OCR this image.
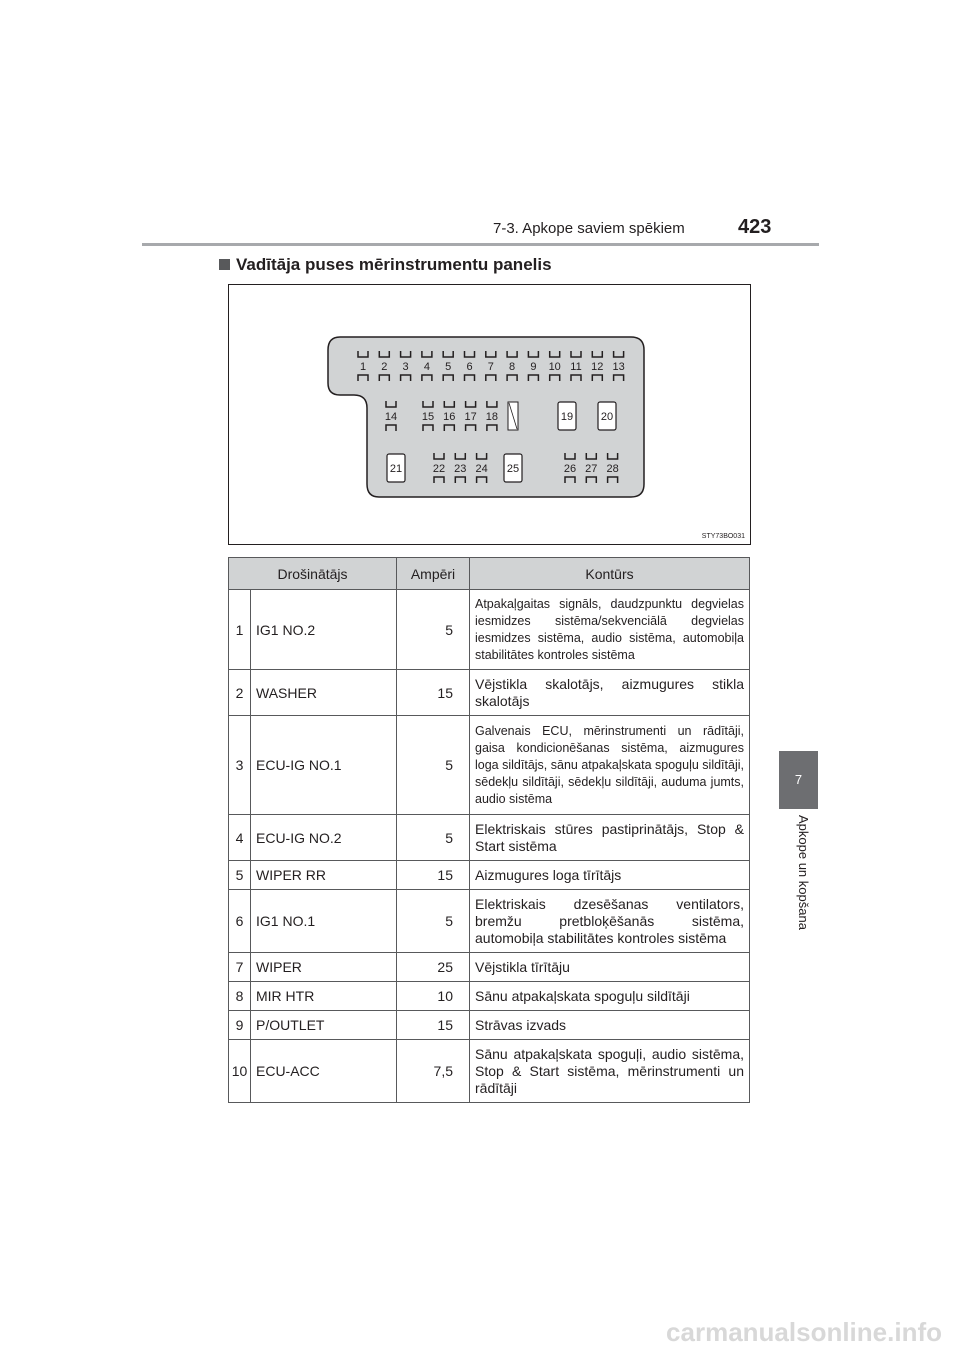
7-3. Apkope saviem spēkiem	423
Vadītāja puses mērinstrumentu panelis
7
Apkope un kopšana
1 2 3 4 5 6 7 8 9 10 11 12 13
14 15 16 17 18	19	20
21	22 23 24 25	26 27 28
STY73BO031
Drošinātājs		Ampēri	Kontūrs
1	IG1 NO.2	5	Atpakaļgaitas signāls, daudzpunktu degvielas iesmidzes sistēma/sekvenciālā degvielas iesmidzes sistēma, audio sistēma, automobiļa stabilitātes kontroles sistēma
2	WASHER	15	Vējstikla skalotājs, aizmugures stikla skalotājs
3	ECU-IG NO.1	5	Galvenais ECU, mērinstrumenti un rādītāji, gaisa kondicionēšanas sistēma, aizmugures loga sildītājs, sānu atpakaļskata spoguļu sildītāji, sēdekļu sildītāji, sēdekļu sildītāji, auduma jumts, audio sistēma
4	ECU-IG NO.2	5	Elektriskais stūres pastiprinātājs, Stop & Start sistēma
5	WIPER RR	15	Aizmugures loga tīrītājs
6	IG1 NO.1	5	Elektriskais dzesēšanas ventilators, bremžu pretbloķēšanās sistēma, automobiļa stabilitātes kontroles sistēma
7	WIPER	25	Vējstikla tīrītāju
8	MIR HTR	10	Sānu atpakaļskata spoguļu sildītāji
9	P/OUTLET	15	Strāvas izvads
10	ECU-ACC	7,5	Sānu atpakaļskata spoguļi, audio sistēma, Stop & Start sistēma, mērinstrumenti un rādītāji
carmanualsonline.info
